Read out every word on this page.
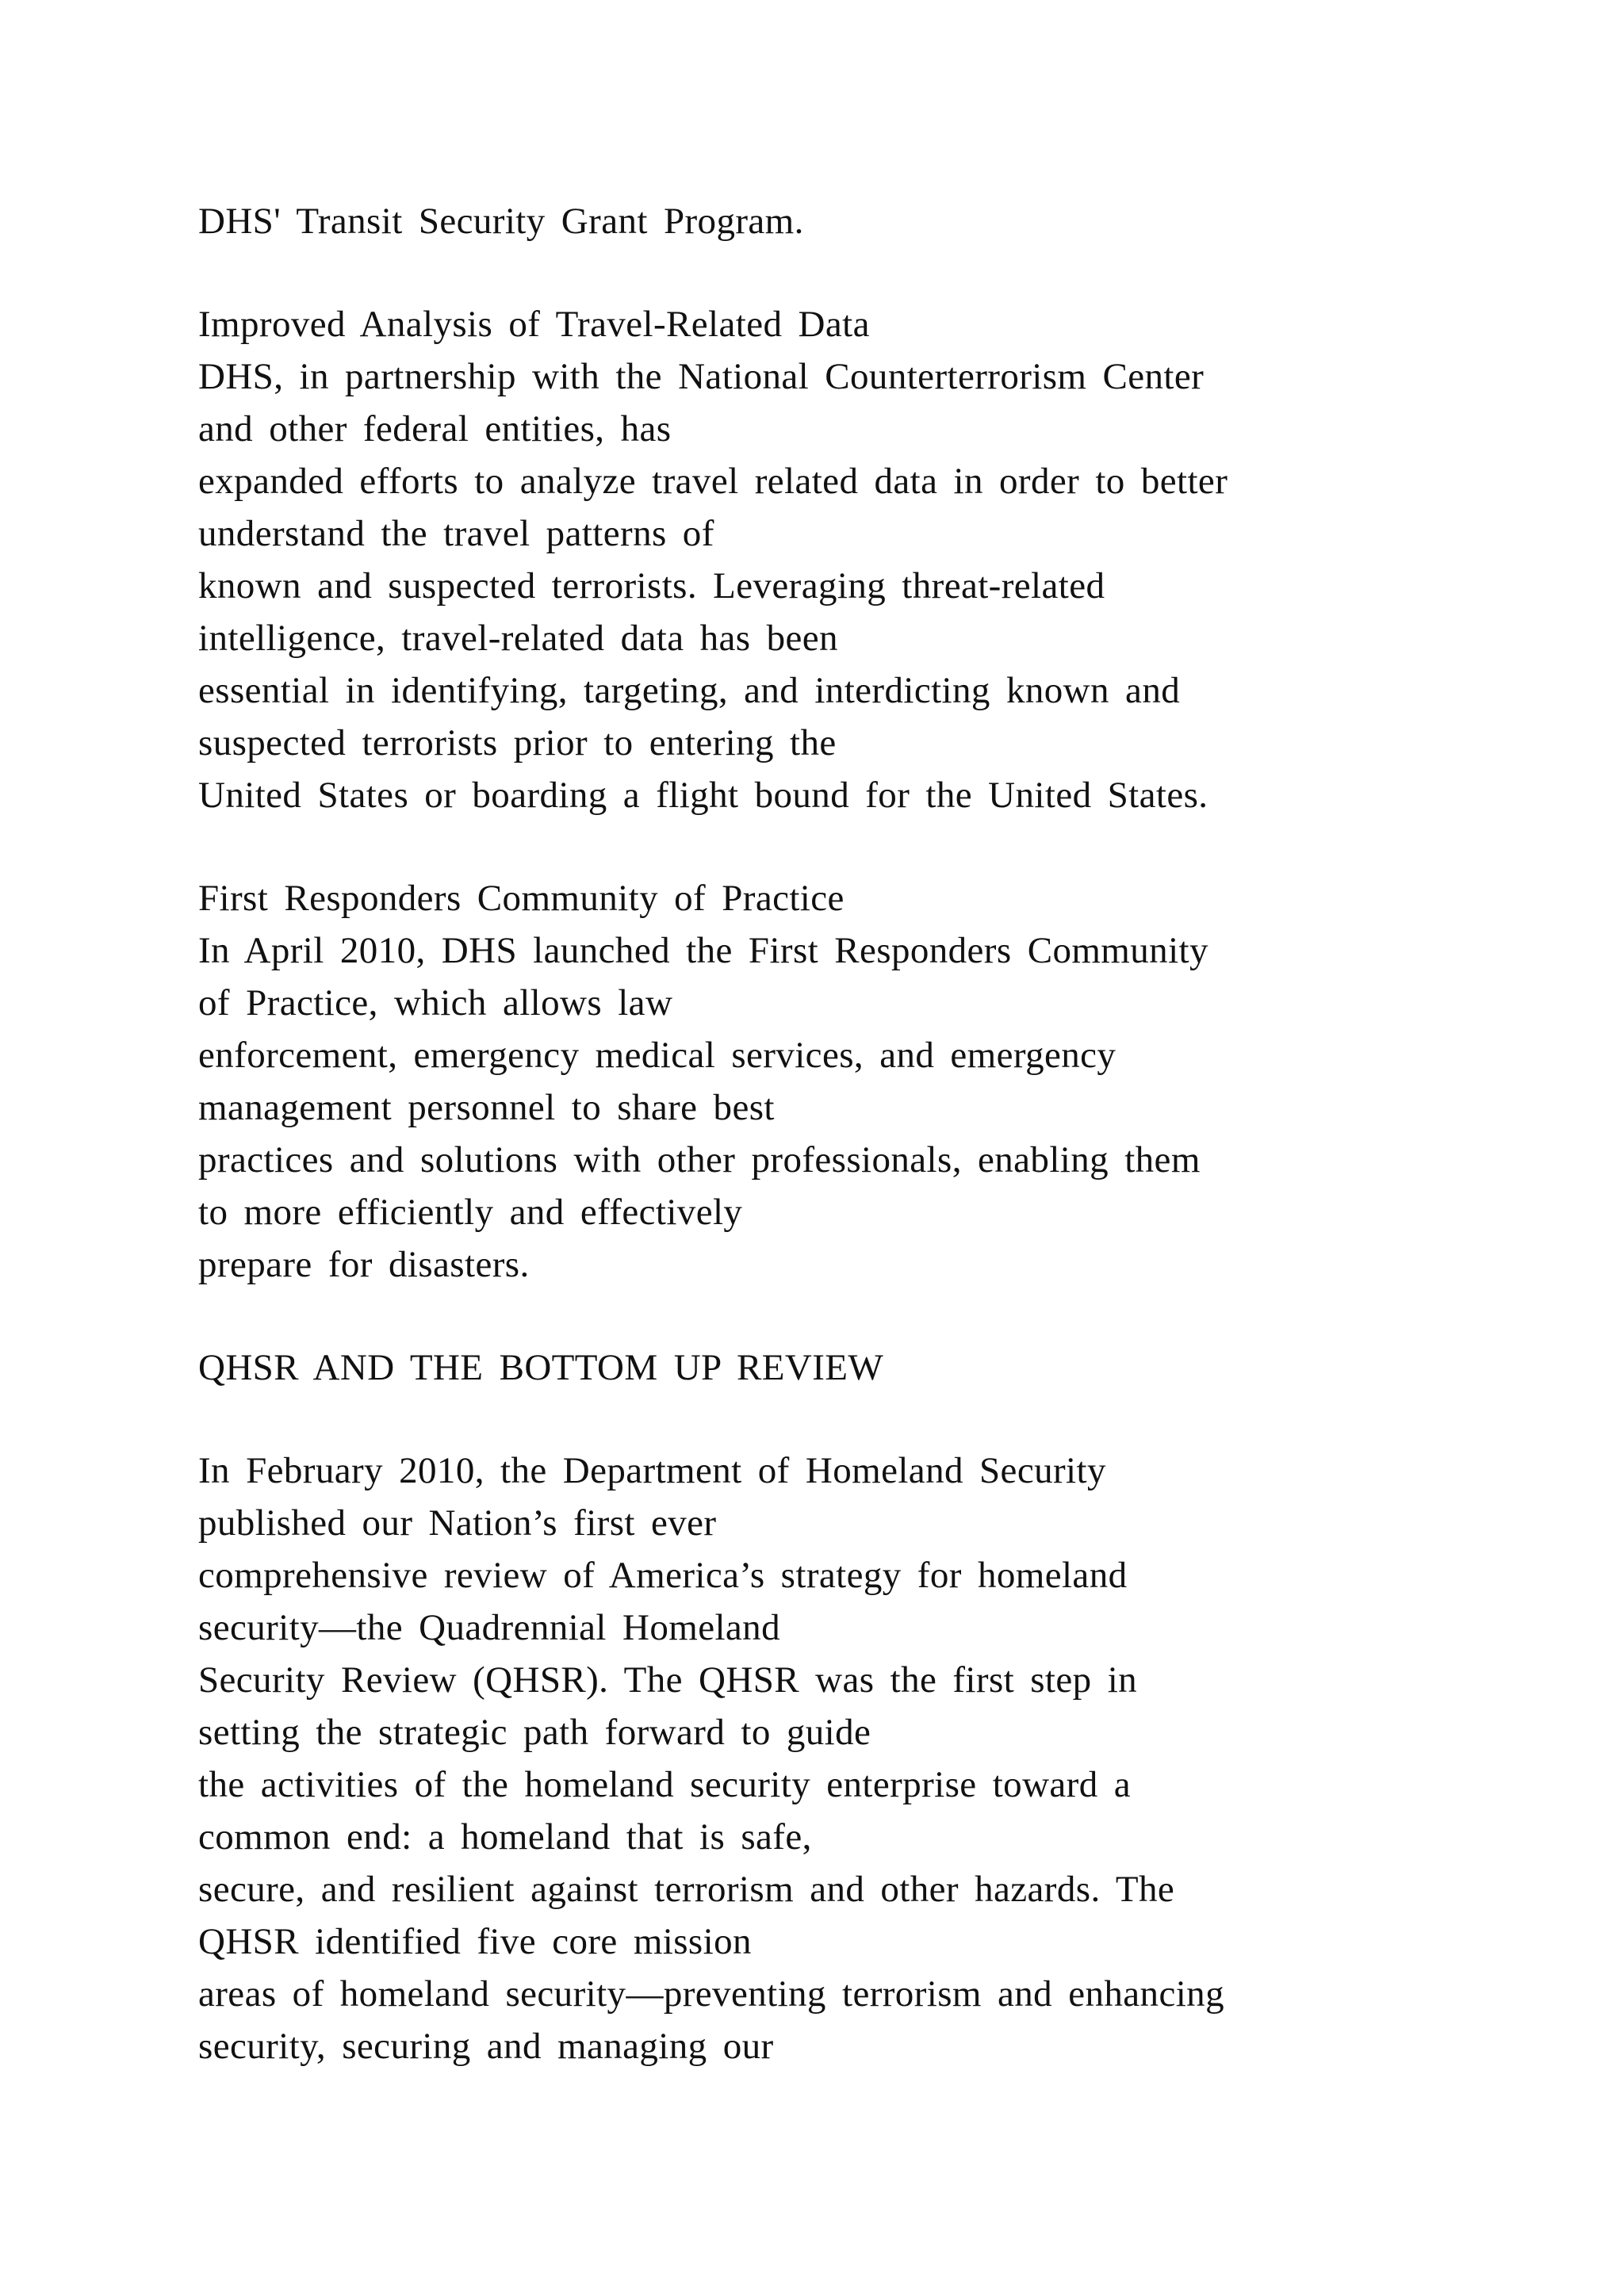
DHS' Transit Security Grant Program.
Improved Analysis of Travel-Related Data
DHS, in partnership with the National Counterterrorism Center
and other federal entities, has
expanded efforts to analyze travel related data in order to better
understand the travel patterns of
known and suspected terrorists. Leveraging threat-related
intelligence, travel-related data has been
essential in identifying, targeting, and interdicting known and
suspected terrorists prior to entering the
United States or boarding a flight bound for the United States.
First Responders Community of Practice
In April 2010, DHS launched the First Responders Community
of Practice, which allows law
enforcement, emergency medical services, and emergency
management personnel to share best
practices and solutions with other professionals, enabling them
to more efficiently and effectively
prepare for disasters.
QHSR AND THE BOTTOM UP REVIEW
In February 2010, the Department of Homeland Security
published our Nation’s first ever
comprehensive review of America’s strategy for homeland
security—the Quadrennial Homeland
Security Review (QHSR). The QHSR was the first step in
setting the strategic path forward to guide
the activities of the homeland security enterprise toward a
common end: a homeland that is safe,
secure, and resilient against terrorism and other hazards. The
QHSR identified five core mission
areas of homeland security—preventing terrorism and enhancing
security, securing and managing our
